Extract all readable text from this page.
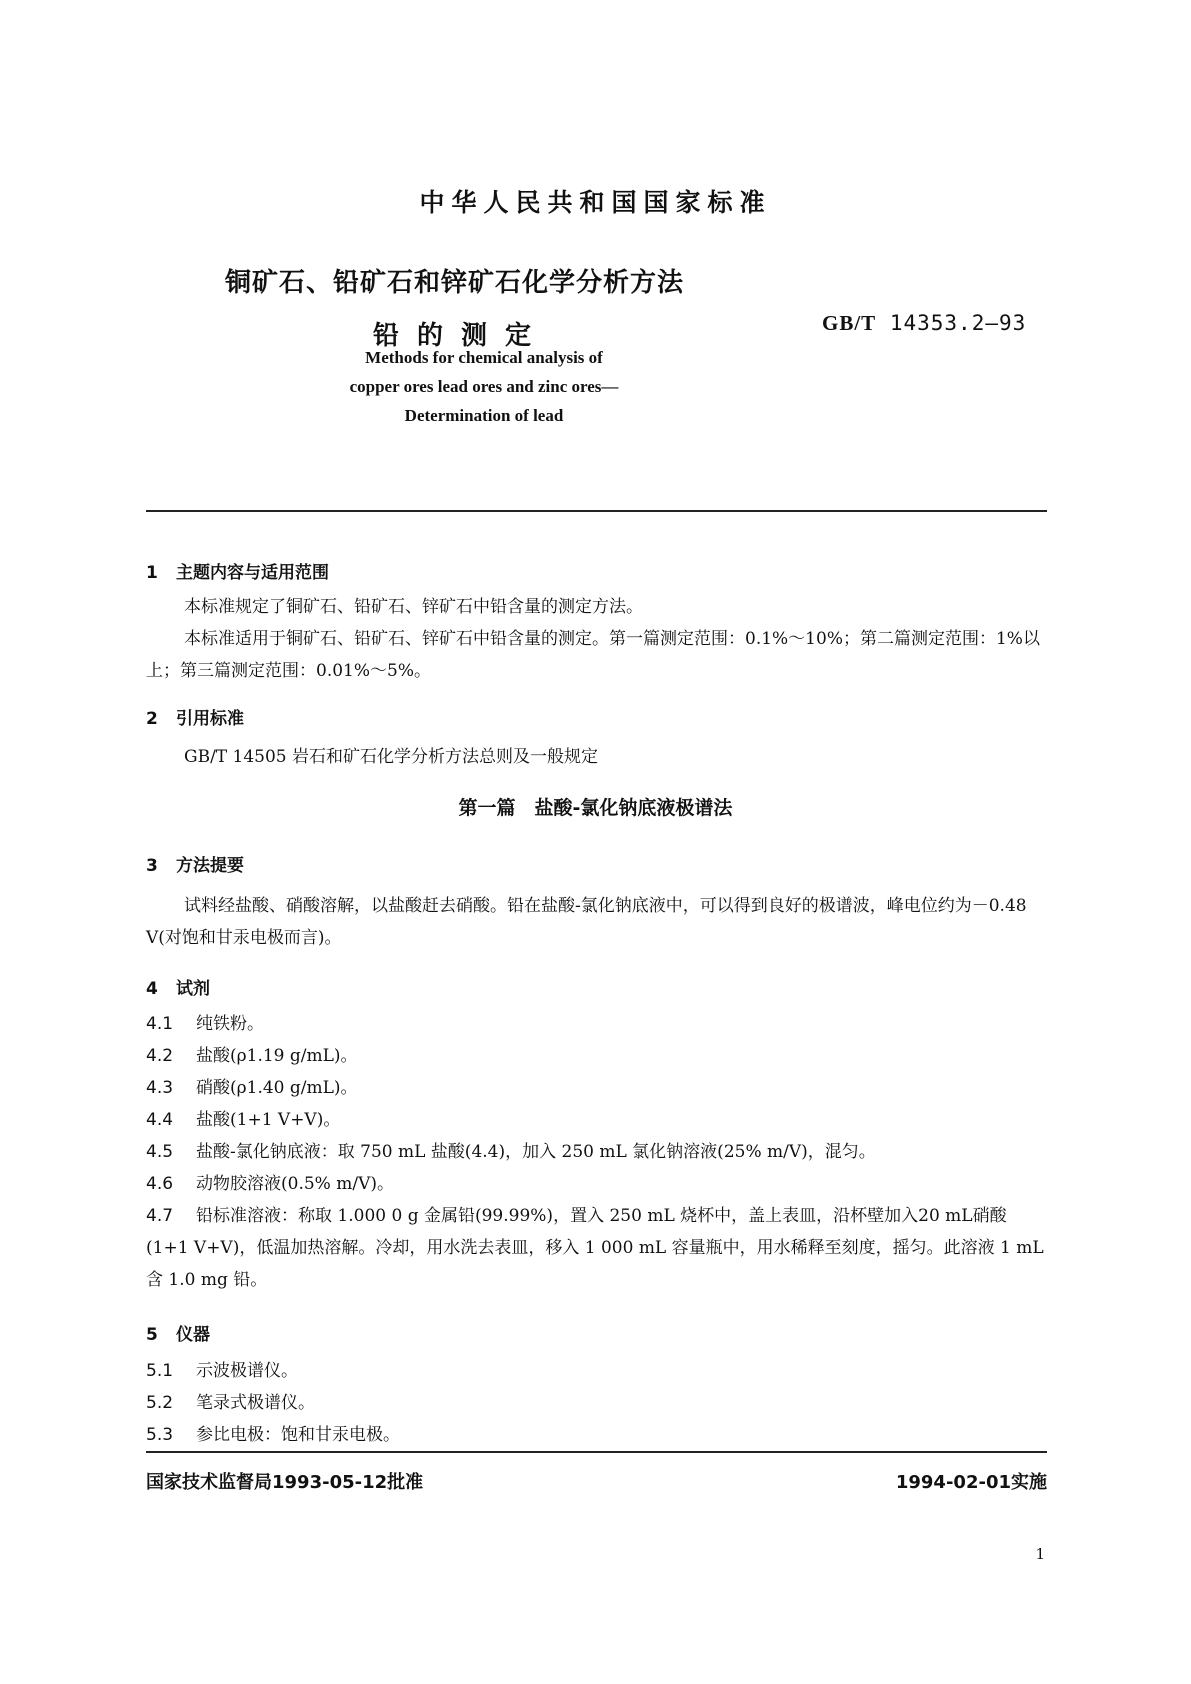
中华人民共和国国家标准
铜矿石、铅矿石和锌矿石化学分析方法
铅的测定	GB/T 14353.2—93
Methods for chemical analysis of
copper ores lead ores and zinc ores—
Determination of lead
1 主题内容与适用范围
本标准规定了铜矿石、铅矿石、锌矿石中铅含量的测定方法。
本标准适用于铜矿石、铅矿石、锌矿石中铅含量的测定。第一篇测定范围：0.1%～10%；第二篇测定范围：1%以上；第三篇测定范围：0.01%～5%。
2 引用标准
GB/T 14505 岩石和矿石化学分析方法总则及一般规定
第一篇　盐酸-氯化钠底液极谱法
3 方法提要
试料经盐酸、硝酸溶解，以盐酸赶去硝酸。铅在盐酸-氯化钠底液中，可以得到良好的极谱波，峰电位约为－0.48 V(对饱和甘汞电极而言)。
4 试剂
4.1 纯铁粉。
4.2 盐酸(ρ1.19 g/mL)。
4.3 硝酸(ρ1.40 g/mL)。
4.4 盐酸(1+1 V+V)。
4.5 盐酸-氯化钠底液：取 750 mL 盐酸(4.4)，加入 250 mL 氯化钠溶液(25% m/V)，混匀。
4.6 动物胶溶液(0.5% m/V)。
4.7 铅标准溶液：称取 1.000 0 g 金属铅(99.99%)，置入 250 mL 烧杯中，盖上表皿，沿杯壁加入20 mL硝酸(1+1 V+V)，低温加热溶解。冷却，用水洗去表皿，移入 1 000 mL 容量瓶中，用水稀释至刻度，摇匀。此溶液 1 mL 含 1.0 mg 铅。
5 仪器
5.1 示波极谱仪。
5.2 笔录式极谱仪。
5.3 参比电极：饱和甘汞电极。
国家技术监督局1993-05-12批准	1994-02-01实施
1
